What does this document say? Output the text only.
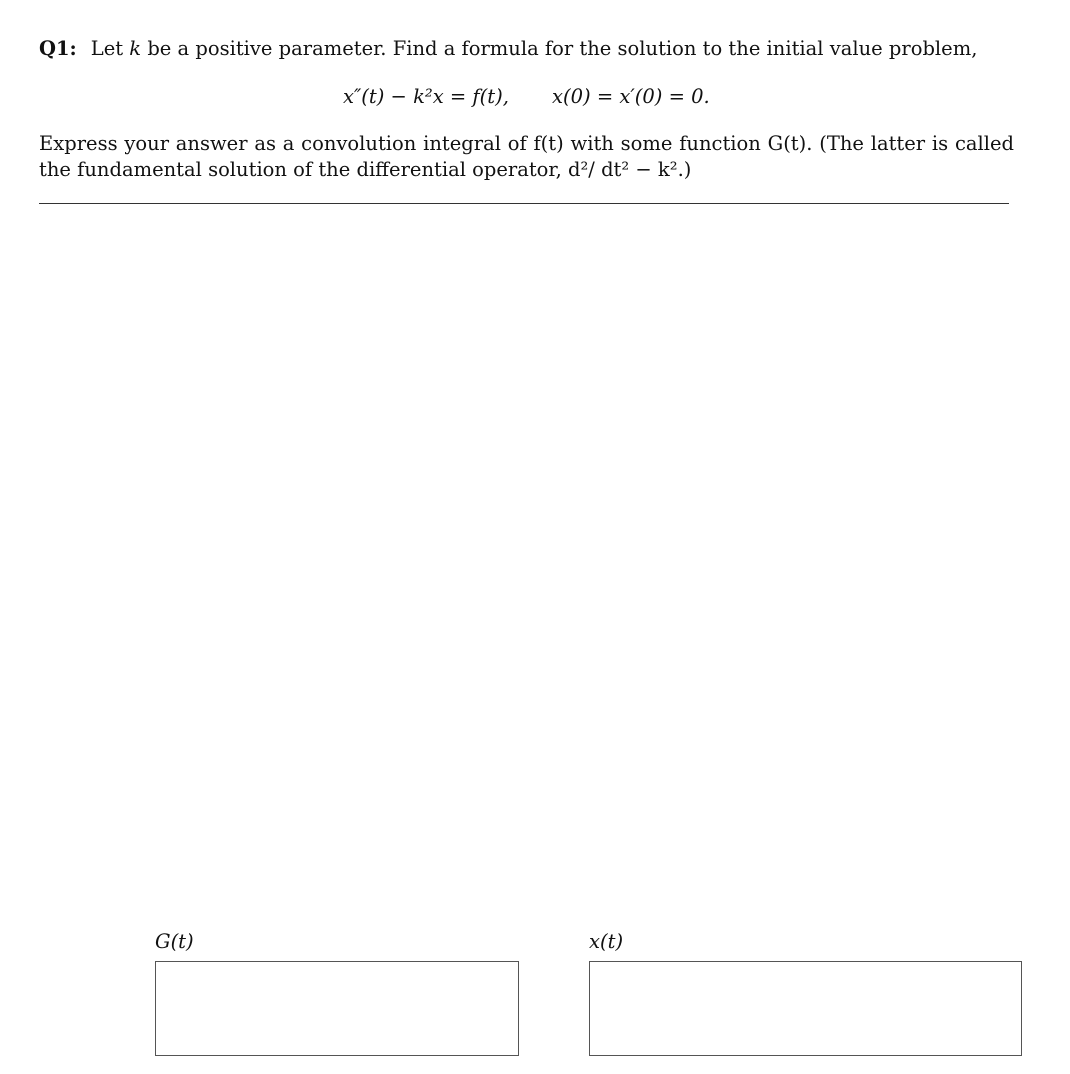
Q1: Let k be a positive parameter. Find a formula for the solution to the initial value problem,
x″(t) − k²x = f(t), x(0) = x′(0) = 0.
Express your answer as a convolution integral of f(t) with some function G(t). (The latter is called the fundamental solution of the differential operator, d²/ dt² − k².)
G(t)	x(t)
